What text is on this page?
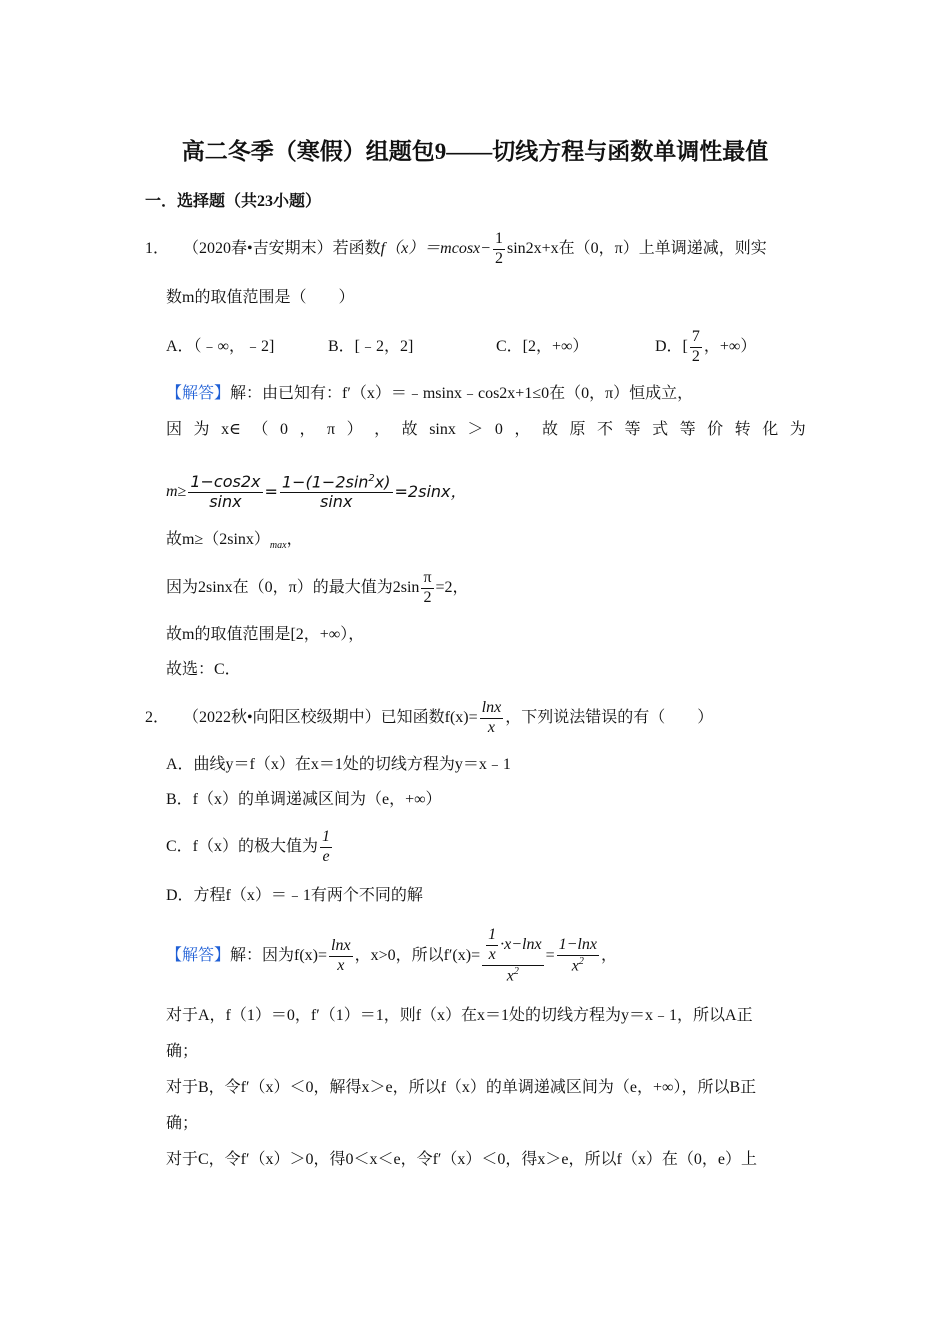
高二冬季（寒假）组题包9——切线方程与函数单调性最值
一．选择题（共23小题）
1． （2020春•吉安期末）若函数 $f(x)=mcosx- \frac{1}{2} \sin 2x+x$在（0，π）上单调递减，则实
数m的取值范围是（　　）
A．（﹣∞，﹣2]	B．[﹣2，2]	C．[2，+∞）	D．[ $\frac{7}{2}$ ，+∞）
【解答】解：由已知有：f′（x）＝﹣msinx﹣cos2x+1≤0在（0，π）恒成立，
因 为 x∈ （ 0 ， π ） ， 故 sinx ＞ 0 ， 故 原 不 等 式 等 价 转 化 为
$m\ge \frac{1-\cos 2x}{\sin x} = \frac{1-(1-2\sin^2x)}{\sin x} =2\sin x$，
故$m\ge(2\sin x)_{max}$，
因为2sinx在（0，π）的最大值为$2\sin \frac{\pi}{2} =2$，
故m的取值范围是[2，+∞），
故选：C．
2． （2022秋•向阳区校级期中）已知函数$f(x)= \frac{\ln x}{x}$ ，下列说法错误的有（　　）
A．曲线y＝f（x）在x＝1处的切线方程为y＝x﹣1
B．f（x）的单调递减区间为（e，+∞）
C．f（x）的极大值为 $\frac{1}{e}$
D．方程f（x）＝﹣1有两个不同的解
【解答】 解：因为$f(x)= \frac{\ln x}{x}$ ，x>0，所以$f'(x)= \frac{\frac{1}{x} \cdot x-\ln x}{x^2} = \frac{1-\ln x}{x^2}$ ，
对于A，f（1）＝0，f′（1）＝1，则f（x）在x＝1处的切线方程为y＝x﹣1，所以A正
确；
对于B，令f′（x）＜0，解得x＞e，所以f（x）的单调递减区间为（e，+∞），所以B正
确；
对于C，令f′（x）＞0，得0＜x＜e，令f′（x）＜0，得x＞e，所以f（x）在（0，e）上
